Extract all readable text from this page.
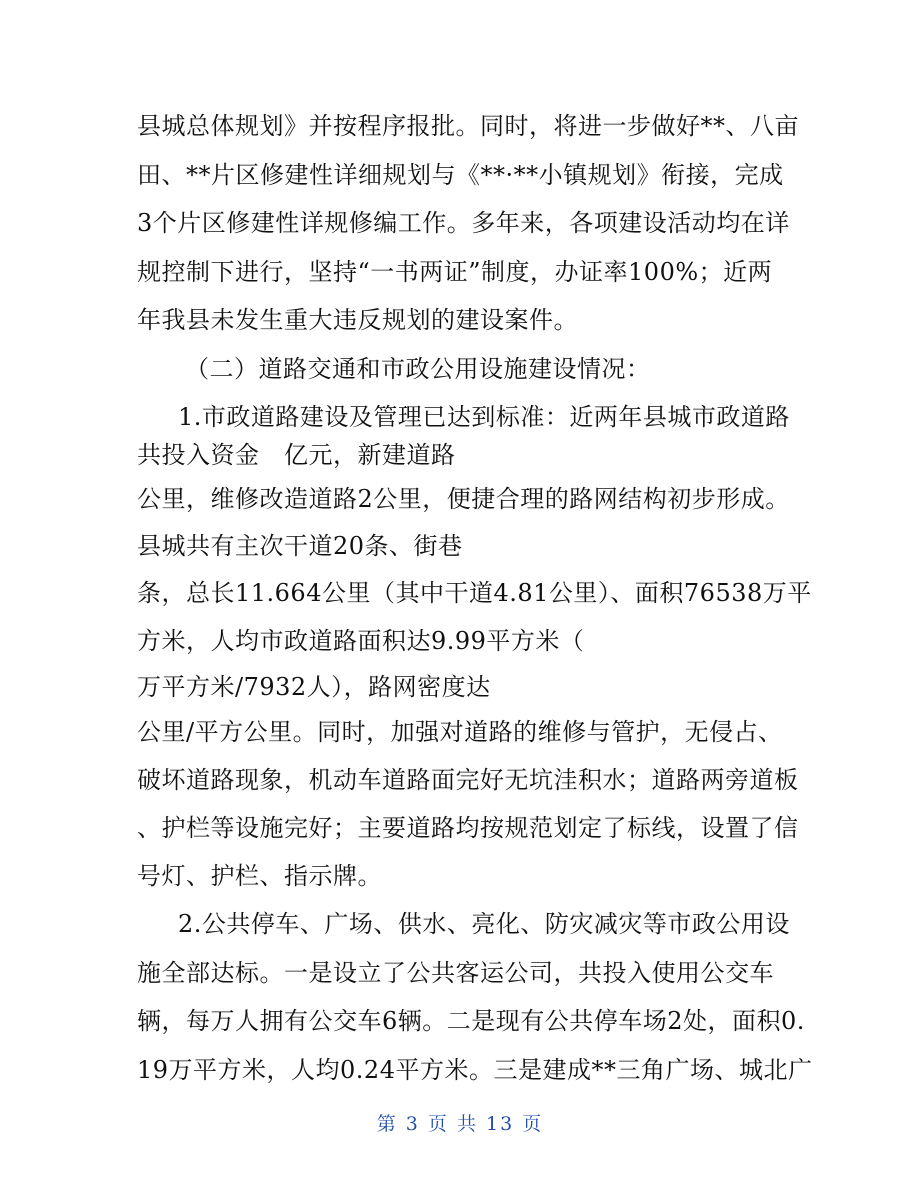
县城总体规划》并按程序报批。同时，将进一步做好**、八亩
田、**片区修建性详细规划与《**·**小镇规划》衔接，完成
3个片区修建性详规修编工作。多年来，各项建设活动均在详
规控制下进行，坚持“一书两证”制度，办证率100%；近两
年我县未发生重大违反规划的建设案件。
（二）道路交通和市政公用设施建设情况：
1.市政道路建设及管理已达到标准：近两年县城市政道路
共投入资金　亿元，新建道路
公里，维修改造道路2公里，便捷合理的路网结构初步形成。
县城共有主次干道20条、街巷
条，总长11.664公里（其中干道4.81公里）、面积76538万平
方米，人均市政道路面积达9.99平方米（
万平方米/7932人），路网密度达
公里/平方公里。同时，加强对道路的维修与管护，无侵占、
破坏道路现象，机动车道路面完好无坑洼积水；道路两旁道板
、护栏等设施完好；主要道路均按规范划定了标线，设置了信
号灯、护栏、指示牌。
2.公共停车、广场、供水、亮化、防灾减灾等市政公用设
施全部达标。一是设立了公共客运公司，共投入使用公交车
辆，每万人拥有公交车6辆。二是现有公共停车场2处，面积0.
19万平方米，人均0.24平方米。三是建成**三角广场、城北广
第 3 页 共 13 页
